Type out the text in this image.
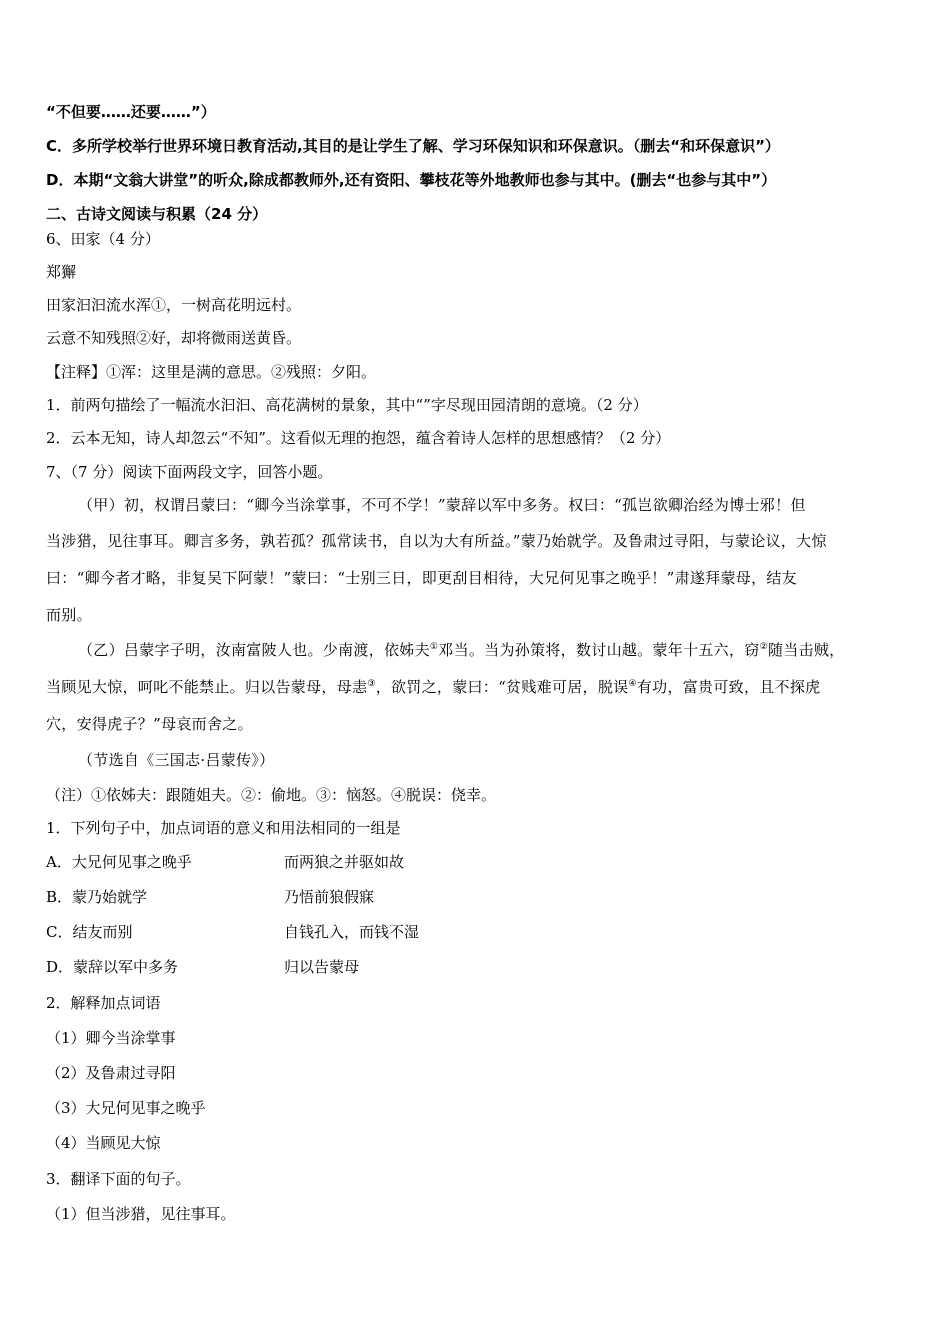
“不但要……还要……”）
C．多所学校举行世界环境日教育活动,其目的是让学生了解、学习环保知识和环保意识。（删去“和环保意识”）
D．本期“文翁大讲堂”的听众,除成都教师外,还有资阳、攀枝花等外地教师也参与其中。(删去“也参与其中”）
二、古诗文阅读与积累（24 分）
6、田家（4 分）
郑獬
田家汩汩流水浑①，一树高花明远村。
云意不知残照②好，却将微雨送黄昏。
【注释】①浑：这里是满的意思。②残照：夕阳。
1．前两句描绘了一幅流水汩汩、高花满树的景象，其中“”字尽现田园清朗的意境。（2 分）
2．云本无知，诗人却忽云“不知”。这看似无理的抱怨，蕴含着诗人怎样的思想感情？（2 分）
7、（7 分）阅读下面两段文字，回答小题。
（甲）初，权谓吕蒙曰：“卿今当涂掌事，不可不学！”蒙辞以军中多务。权曰：“孤岂欲卿治经为博士邪！但
当涉猎，见往事耳。卿言多务，孰若孤？孤常读书，自以为大有所益。”蒙乃始就学。及鲁肃过寻阳，与蒙论议，大惊
曰：“卿今者才略，非复吴下阿蒙！”蒙曰：“士别三日，即更刮目相待，大兄何见事之晚乎！”肃遂拜蒙母，结友
而别。
（乙）吕蒙字子明，汝南富陂人也。少南渡，依姊夫①邓当。当为孙策将，数讨山越。蒙年十五六，窃②随当击贼，
当顾见大惊，呵叱不能禁止。归以告蒙母，母恚③，欲罚之，蒙曰：“贫贱难可居，脱误④有功，富贵可致，且不探虎
穴，安得虎子？”母哀而舍之。
（节选自《三国志·吕蒙传》）
（注）①依姊夫：跟随姐夫。②：偷地。③：恼怒。④脱误：侥幸。
1．下列句子中，加点词语的意义和用法相同的一组是
A．大兄何见事之晚乎	而两狼之并驱如故
B．蒙乃始就学	乃悟前狼假寐
C．结友而别	自钱孔入，而钱不湿
D．蒙辞以军中多务	归以告蒙母
2．解释加点词语
（1）卿今当涂掌事
（2）及鲁肃过寻阳
（3）大兄何见事之晚乎
（4）当顾见大惊
3．翻译下面的句子。
（1）但当涉猎，见往事耳。
